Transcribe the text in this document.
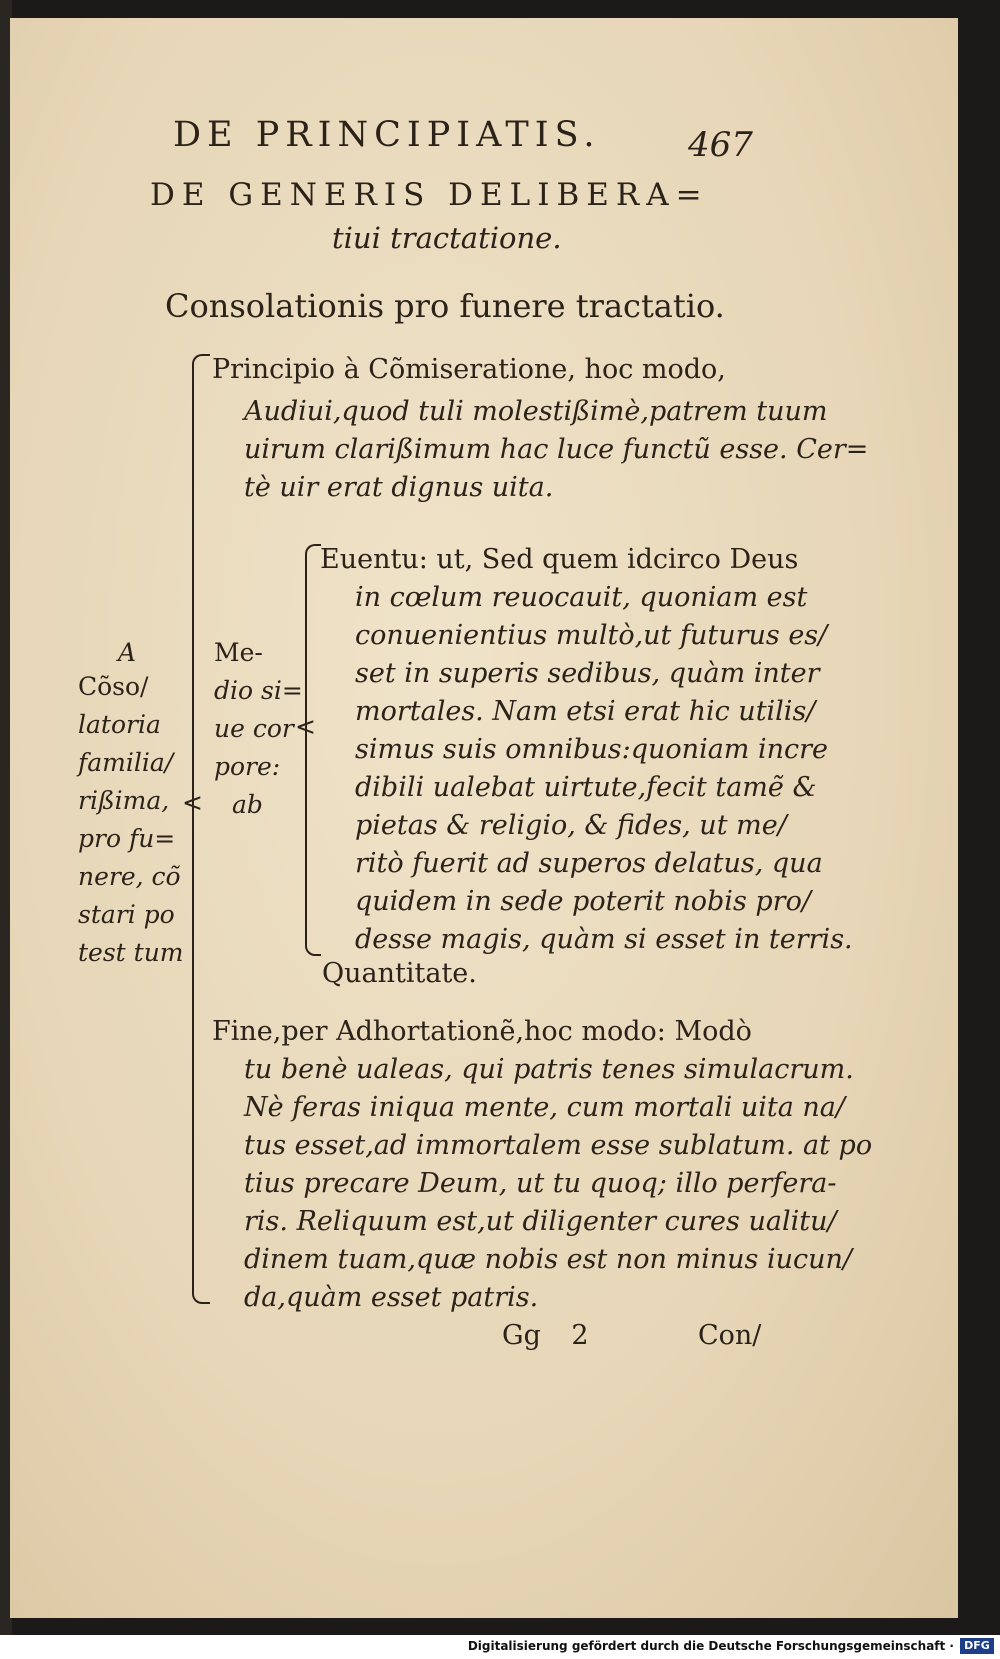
DE PRINCIPIATIS.	467
DE GENERIS DELIBERA=
tiui tractatione.
Consolationis pro funere tractatio.
Principio à Cõmiseratione, hoc modo,
Audiui,quod tuli molestißimè,patrem tuum
uirum clarißimum hac luce functũ esse. Cer=
tè uir erat dignus uita.
A
Cõso/
latoria
familia/
rißima,
pro fu=
nere, cõ
stari po
test tum
<
Me-
dio si=
ue cor
pore:
ab
<
Euentu: ut, Sed quem idcirco Deus
in cœlum reuocauit, quoniam est
conuenientius multò,ut futurus es/
set in superis sedibus, quàm inter
mortales. Nam etsi erat hic utilis/
simus suis omnibus:quoniam incre
dibili ualebat uirtute,fecit tamẽ &
pietas & religio, & fides, ut me/
ritò fuerit ad superos delatus, qua
quidem in sede poterit nobis pro/
desse magis, quàm si esset in terris.
Quantitate.
Fine,per Adhortationẽ,hoc modo: Modò
tu benè ualeas, qui patris tenes simulacrum.
Nè feras iniqua mente, cum mortali uita na/
tus esset,ad immortalem esse sublatum. at po
tius precare Deum, ut tu quoq; illo perfera-
ris. Reliquum est,ut diligenter cures ualitu/
dinem tuam,quæ nobis est non minus iucun/
da,quàm esset patris.
Gg 2	Con/
Digitalisierung gefördert durch die Deutsche Forschungsgemeinschaft · DFG
